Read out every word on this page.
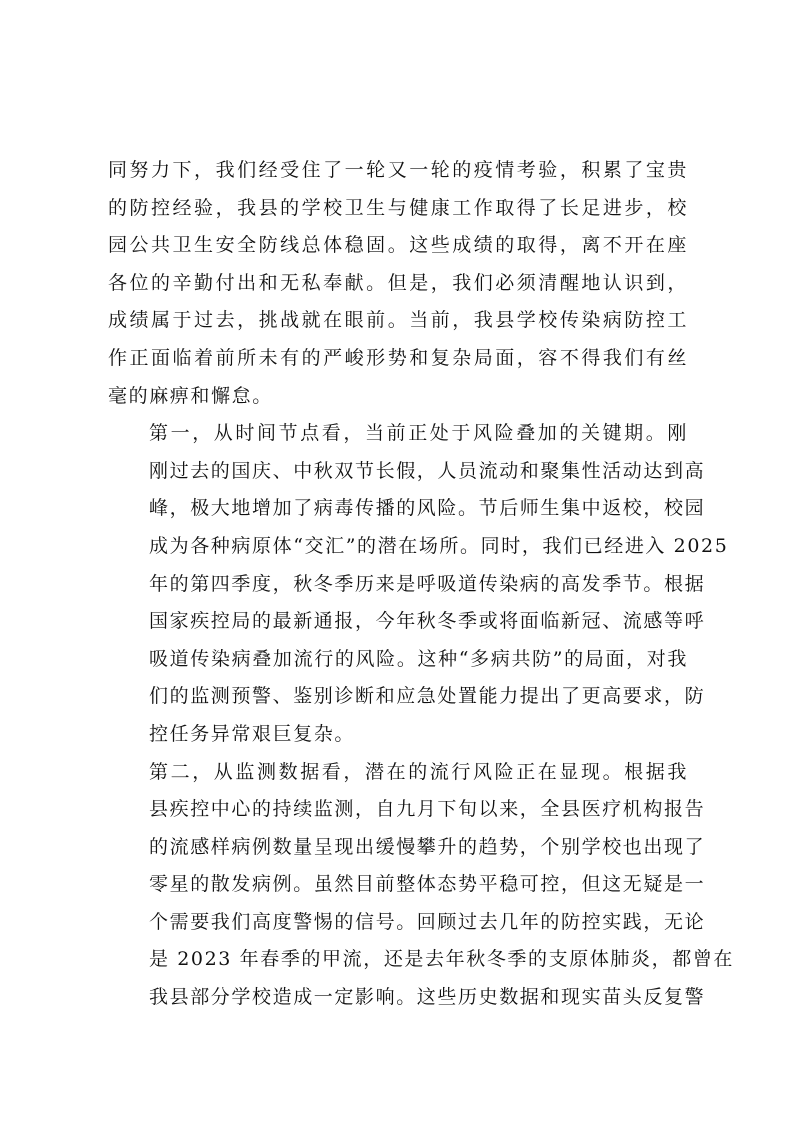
同努力下，我们经受住了一轮又一轮的疫情考验，积累了宝贵
的防控经验，我县的学校卫生与健康工作取得了长足进步，校
园公共卫生安全防线总体稳固。这些成绩的取得，离不开在座
各位的辛勤付出和无私奉献。但是，我们必须清醒地认识到，
成绩属于过去，挑战就在眼前。当前，我县学校传染病防控工
作正面临着前所未有的严峻形势和复杂局面，容不得我们有丝
毫的麻痹和懈怠。

第一，从时间节点看，当前正处于风险叠加的关键期。刚
刚过去的国庆、中秋双节长假，人员流动和聚集性活动达到高
峰，极大地增加了病毒传播的风险。节后师生集中返校，校园
成为各种病原体“交汇”的潜在场所。同时，我们已经进入 2025
年的第四季度，秋冬季历来是呼吸道传染病的高发季节。根据
国家疾控局的最新通报，今年秋冬季或将面临新冠、流感等呼
吸道传染病叠加流行的风险。这种“多病共防”的局面，对我
们的监测预警、鉴别诊断和应急处置能力提出了更高要求，防
控任务异常艰巨复杂。

第二，从监测数据看，潜在的流行风险正在显现。根据我
县疾控中心的持续监测，自九月下旬以来，全县医疗机构报告
的流感样病例数量呈现出缓慢攀升的趋势，个别学校也出现了
零星的散发病例。虽然目前整体态势平稳可控，但这无疑是一
个需要我们高度警惕的信号。回顾过去几年的防控实践，无论
是 2023 年春季的甲流，还是去年秋冬季的支原体肺炎，都曾在
我县部分学校造成一定影响。这些历史数据和现实苗头反复警
